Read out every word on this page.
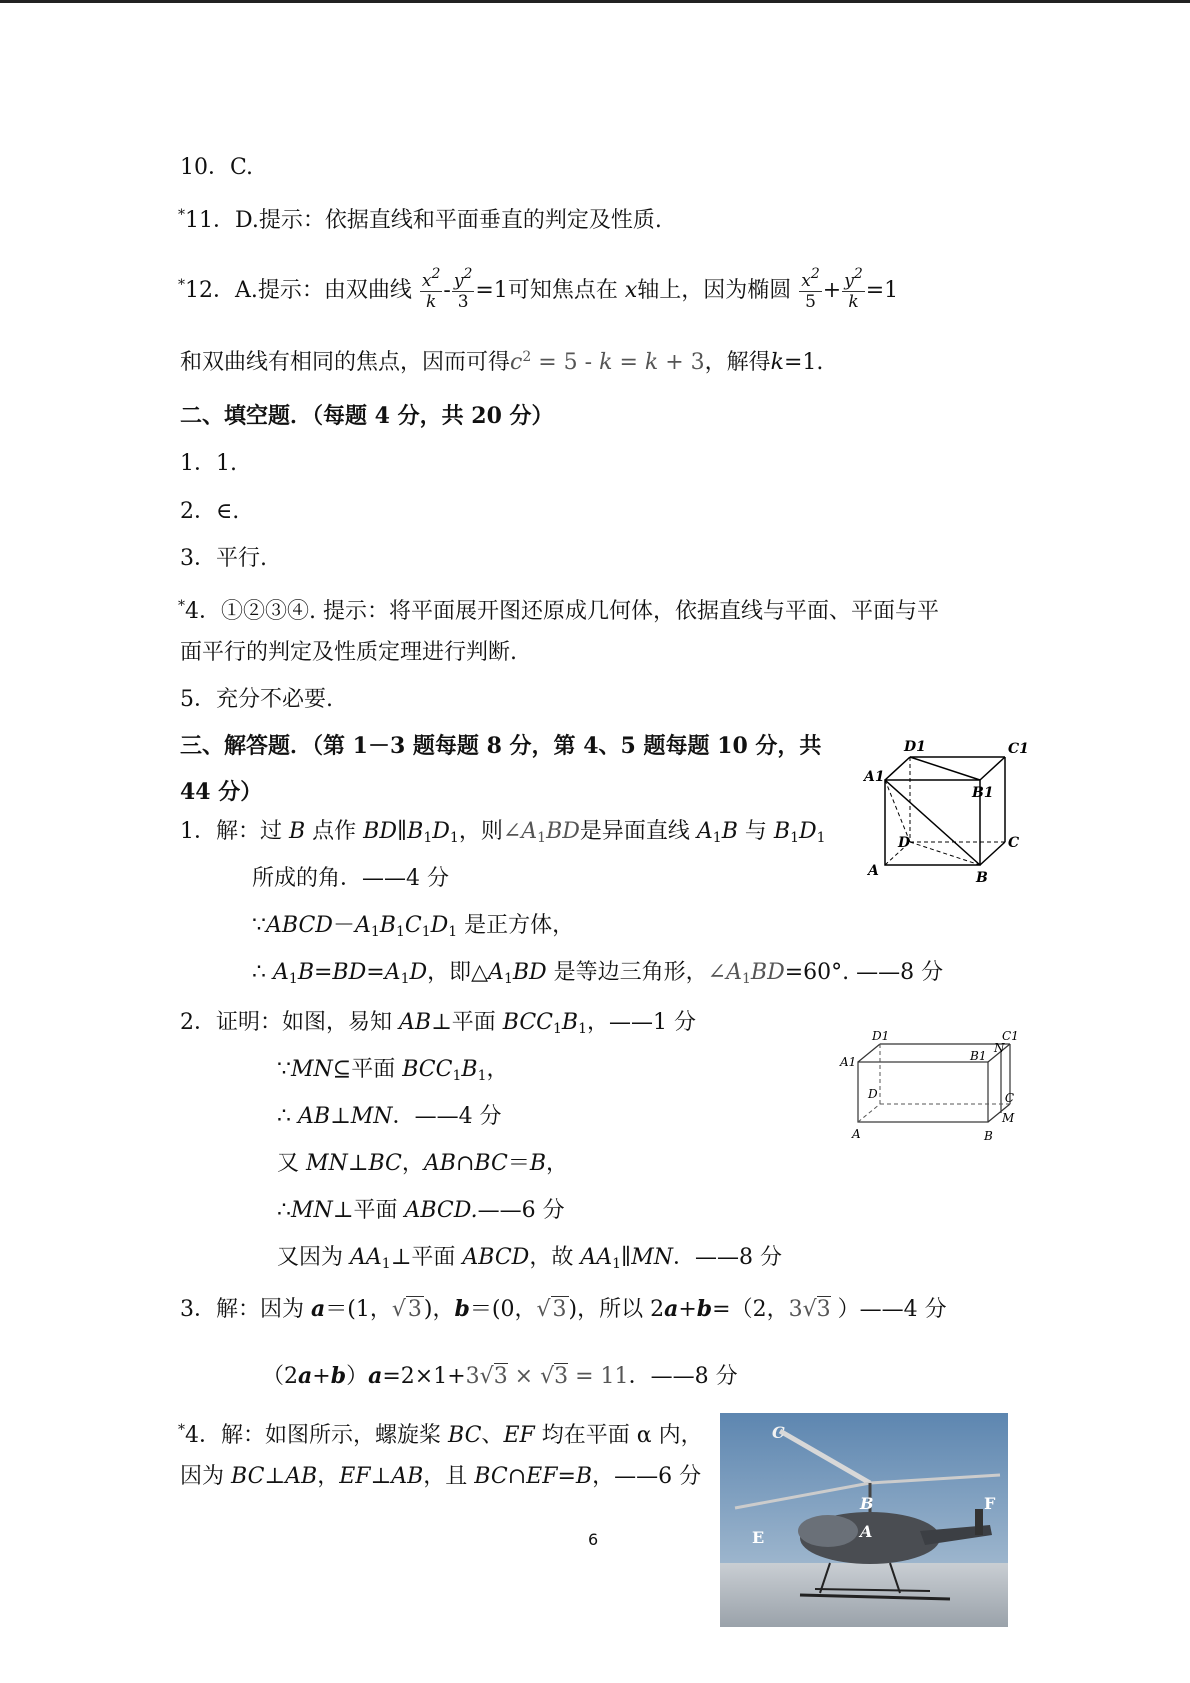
10．C.
*11．D.提示：依据直线和平面垂直的判定及性质.
*12．A.提示：由双曲线 $\frac{x^2}{k} - \frac{y^2}{3} =1$可知焦点在 x轴上，因为椭圆 $\frac{x^2}{5} + \frac{y^2}{k} =1$
和双曲线有相同的焦点，因而可得$c^2 = 5 - k = k + 3$，解得k=1.
二、填空题．（每题 4 分，共 20 分）
1．1.
2．∈.
3．平行.
*4．①②③④. 提示：将平面展开图还原成几何体，依据直线与平面、平面与平
面平行的判定及性质定理进行判断.
5．充分不必要.
三、解答题．（第 1－3 题每题 8 分，第 4、5 题每题 10 分，共
44 分）
1．解：过 B 点作 $BD\parallel B_1D_1$，则$\angle A_1BD$是异面直线 $A_1B$ 与 $B_1D_1$
所成的角．——4 分
$\because ABCD-A_1B_1C_1D_1$ 是正方体，
∴ $A_1B=BD=A_1D$，即$\triangle A_1BD$ 是等边三角形，$\angle A_1BD=60^\circ$. ——8 分
2．证明：如图，易知 AB⊥平面 $BCC_1B_1$，——1 分
∵MN⊆平面 $BCC_1B_1$，
∴ AB⊥MN．——4 分
又 MN⊥BC，AB∩BC＝B，
∴MN⊥平面 ABCD.——6 分
又因为 $AA_1\perp$平面 ABCD，故 $AA_1\parallel MN$．——8 分
3．解：因为 a＝(1，√3)，b＝(0，√3)，所以 2a+b=（2，3√3 ）——4 分
（2a+b）a=2×1+3√3 × √3 = 11．——8 分
*4．解：如图所示，螺旋桨 BC、EF 均在平面 α 内，
因为 BC⊥AB，EF⊥AB，且 BC∩EF=B，——6 分
D1	C1
A1
B1
D	C
A	B
D1	C1
A1	B1
N
D	C
M
A	B
C
B
A
F
E
6
